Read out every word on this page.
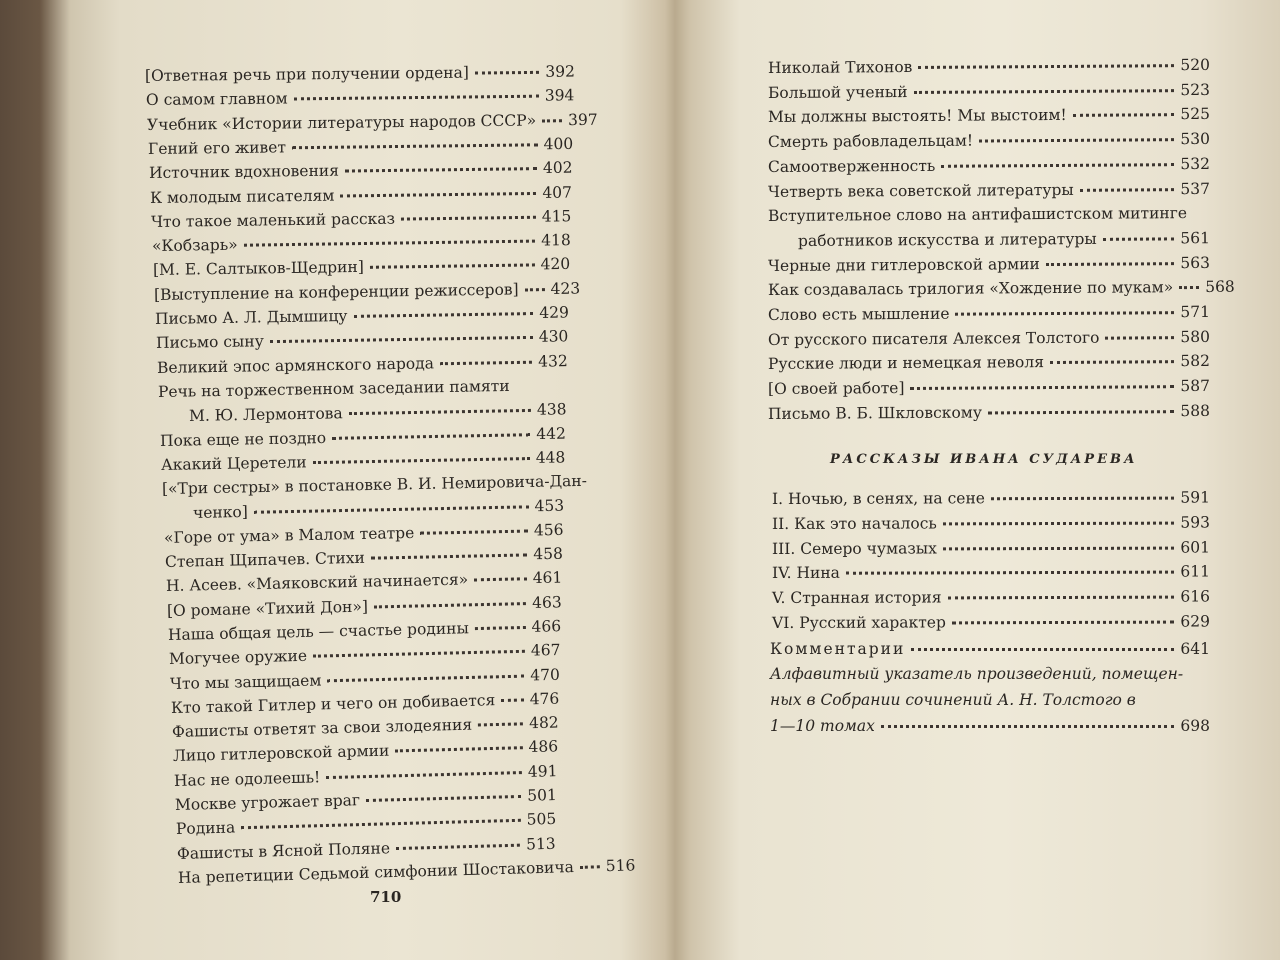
[Ответная речь при получении ордена]	392
О самом главном	394
Учебник «Истории литературы народов СССР» 397
Гений его живет	400
Источник вдохновения	402
К молодым писателям	407
Что такое маленький рассказ	415
«Кобзарь»	418
[М. Е. Салтыков-Щедрин]	420
[Выступление на конференции режиссеров] 423
Письмо А. Л. Дымшицу	429
Письмо сыну	430
Великий эпос армянского народа	432
Речь на торжественном заседании памяти
М. Ю. Лермонтова	438
Пока еще не поздно	442
Акакий Церетели	448
[«Три сестры» в постановке В. И. Немировича-Дан-
ченко]	453
«Горе от ума» в Малом театре	456
Степан Щипачев. Стихи	458
Н. Асеев. «Маяковский начинается»	461
[О романе «Тихий Дон»]	463
Наша общая цель — счастье родины	466
Могучее оружие	467
Что мы защищаем	470
Кто такой Гитлер и чего он добивается 476
Фашисты ответят за свои злодеяния	482
Лицо гитлеровской армии	486
Нас не одолеешь!	491
Москве угрожает враг	501
Родина	505
Фашисты в Ясной Поляне	513
На репетиции Седьмой симфонии Шостаковича 516
710
Николай Тихонов	520
Большой ученый	523
Мы должны выстоять! Мы выстоим!	525
Смерть рабовладельцам!	530
Самоотверженность	532
Четверть века советской литературы	537
Вступительное слово на антифашистском митинге
работников искусства и литературы	561
Черные дни гитлеровской армии	563
Как создавалась трилогия «Хождение по мукам» 568
Слово есть мышление	571
От русского писателя Алексея Толстого	580
Русские люди и немецкая неволя	582
[О своей работе]	587
Письмо В. Б. Шкловскому	588
РАССКАЗЫ ИВАНА СУДАРЕВА
I. Ночью, в сенях, на сене	591
II. Как это началось	593
III. Семеро чумазых	601
IV. Нина	611
V. Странная история	616
VI. Русский характер	629
Комментарии	641
Алфавитный указатель произведений, помещен-
ных в Собрании сочинений А. Н. Толстого в
1—10 томах	698
